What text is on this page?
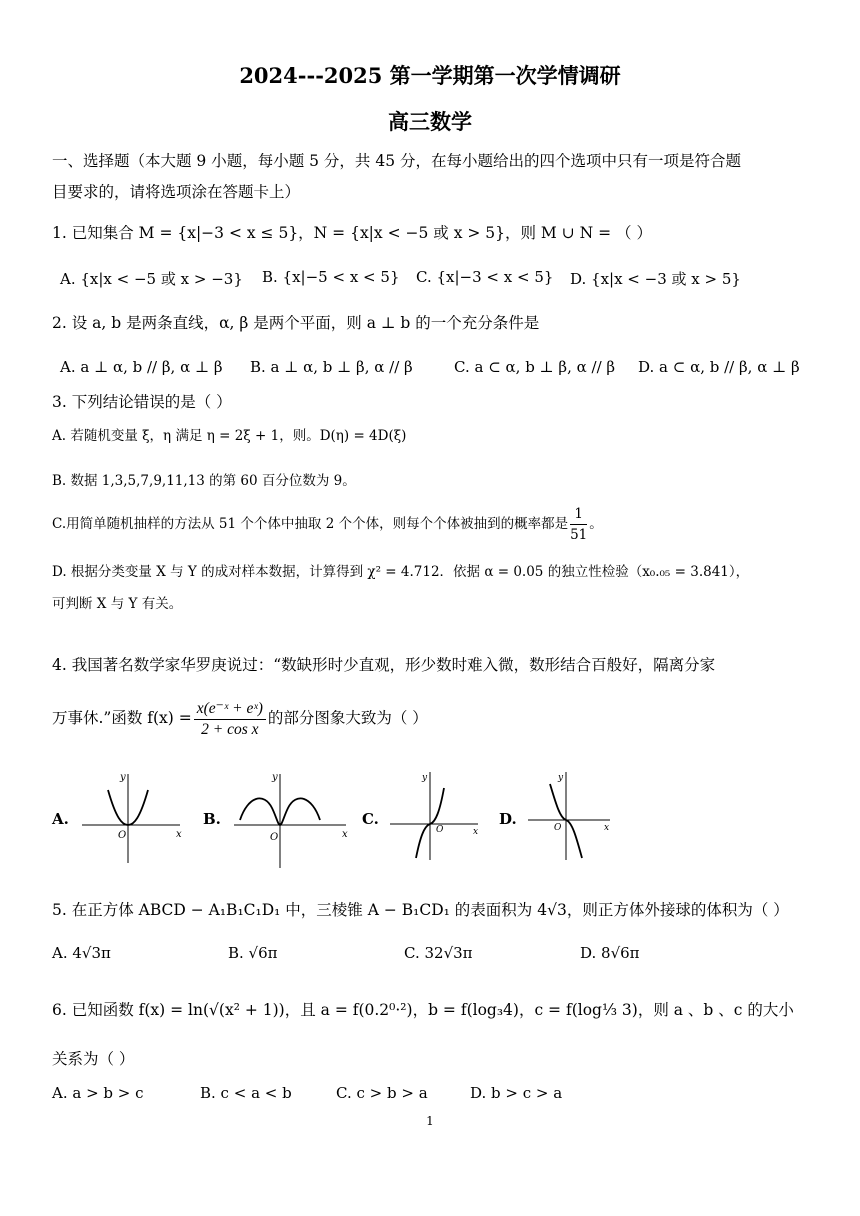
2024---2025 第一学期第一次学情调研
高三数学
一、选择题（本大题 9 小题，每小题 5 分，共 45 分，在每小题给出的四个选项中只有一项是符合题
目要求的，请将选项涂在答题卡上）
1. 已知集合 M = {x|−3 < x ≤ 5}，N = {x|x < −5 或 x > 5}，则 M ∪ N = （ ）
A. {x|x < −5 或 x > −3} B. {x|−5 < x < 5} C. {x|−3 < x < 5} D. {x|x < −3 或 x > 5}
2. 设 a, b 是两条直线，α, β 是两个平面，则 a ⊥ b 的一个充分条件是
A. a ⊥ α, b // β, α ⊥ β B. a ⊥ α, b ⊥ β, α // β	C. a ⊂ α, b ⊥ β, α // β D. a ⊂ α, b // β, α ⊥ β
3. 下列结论错误的是（ ）
A. 若随机变量 ξ，η 满足 η = 2ξ + 1，则。D(η) = 4D(ξ)
B. 数据 1,3,5,7,9,11,13 的第 60 百分位数为 9。
C.用简单随机抽样的方法从 51 个个体中抽取 2 个个体，则每个个体被抽到的概率都是 $\frac{1}{51}$ 。
D. 根据分类变量 X 与 Y 的成对样本数据，计算得到 χ² = 4.712．依据 α = 0.05 的独立性检验（x₀.₀₅ = 3.841），
可判断 X 与 Y 有关。
4. 我国著名数学家华罗庚说过：“数缺形时少直观，形少数时难入微，数形结合百般好，隔离分家
万事休.”函数 $f(x) = \frac{\text{x(e⁻ˣ + eˣ)}}{\text{2 + cos x}}$ 的部分图象大致为（ ）
A.
y
x
O
B.
y
x
O
C.
y
x
O
D.
y
x
O
5. 在正方体 ABCD − A₁B₁C₁D₁ 中，三棱锥 A − B₁CD₁ 的表面积为 4√3，则正方体外接球的体积为（ ）
A. 4√3π	B. √6π	C. 32√3π	D. 8√6π
6. 已知函数 f(x) = ln(√(x² + 1))，且 a = f(0.2⁰·²)，b = f(log₃4)，c = f(log⅓ 3)，则 a 、b 、c 的大小
关系为（ ）
A. a > b > c	B. c < a < b	C. c > b > a	D. b > c > a
1
